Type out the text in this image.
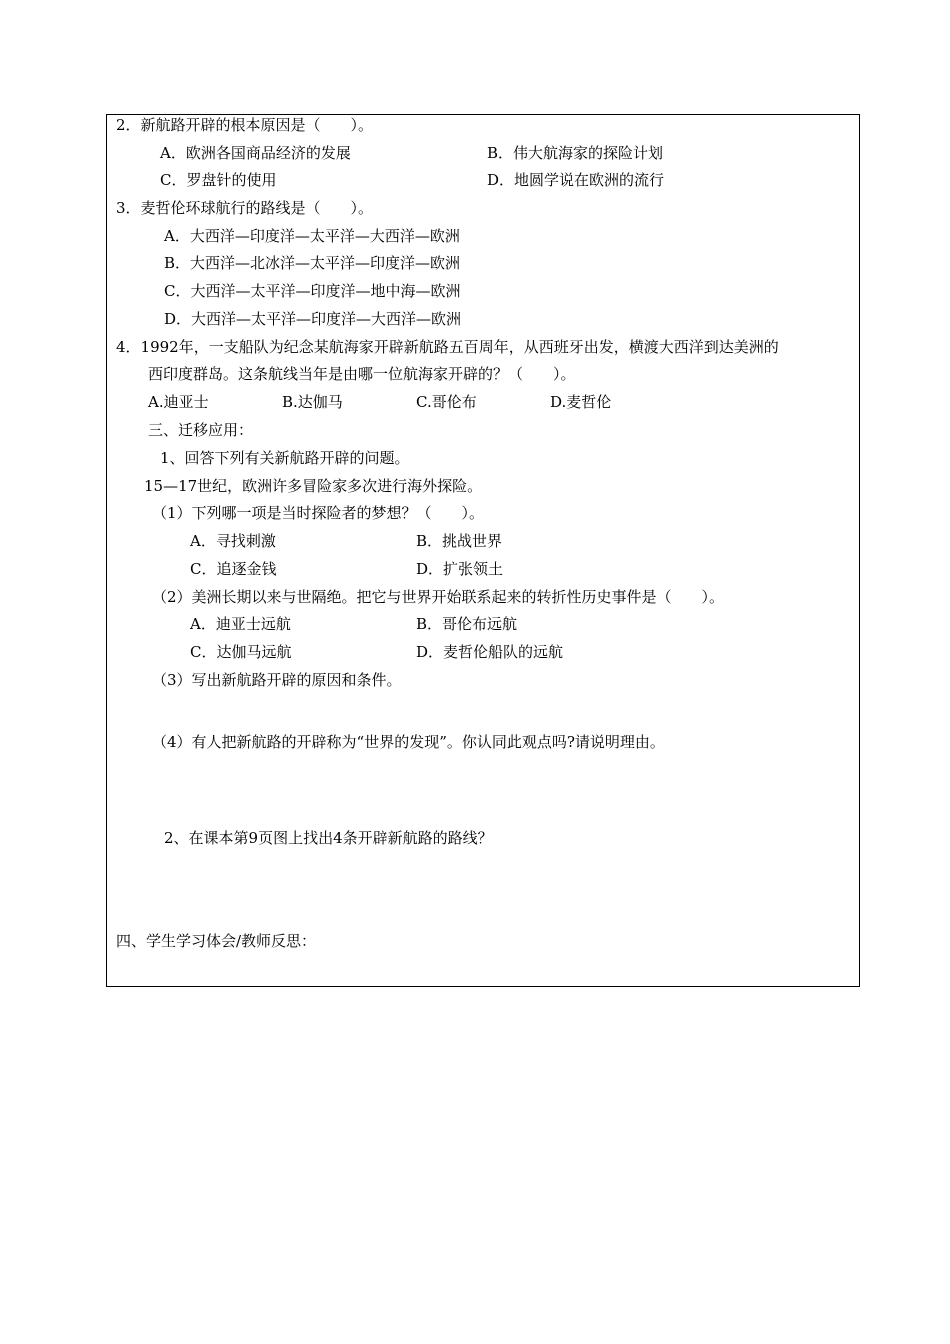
2．新航路开辟的根本原因是（　　）。
A．欧洲各国商品经济的发展	B．伟大航海家的探险计划
C．罗盘针的使用	D．地圆学说在欧洲的流行
3．麦哲伦环球航行的路线是（　　）。
A．大西洋—印度洋—太平洋—大西洋—欧洲
B．大西洋—北冰洋—太平洋—印度洋—欧洲
C．大西洋—太平洋—印度洋—地中海—欧洲
D．大西洋—太平洋—印度洋—大西洋—欧洲
4．1992年，一支船队为纪念某航海家开辟新航路五百周年，从西班牙出发，横渡大西洋到达美洲的
西印度群岛。这条航线当年是由哪一位航海家开辟的？（　　）。
A.迪亚士	B.达伽马	C.哥伦布	D.麦哲伦
三、迁移应用：
1、回答下列有关新航路开辟的问题。
15—17世纪，欧洲许多冒险家多次进行海外探险。
（1）下列哪一项是当时探险者的梦想？（　　）。
A．寻找刺激	B．挑战世界
C．追逐金钱	D．扩张领土
（2）美洲长期以来与世隔绝。把它与世界开始联系起来的转折性历史事件是（　　）。
A．迪亚士远航	B．哥伦布远航
C．达伽马远航	D．麦哲伦船队的远航
（3）写出新航路开辟的原因和条件。
（4）有人把新航路的开辟称为“世界的发现”。你认同此观点吗?请说明理由。
2、在课本第9页图上找出4条开辟新航路的路线？
四、学生学习体会/教师反思：
